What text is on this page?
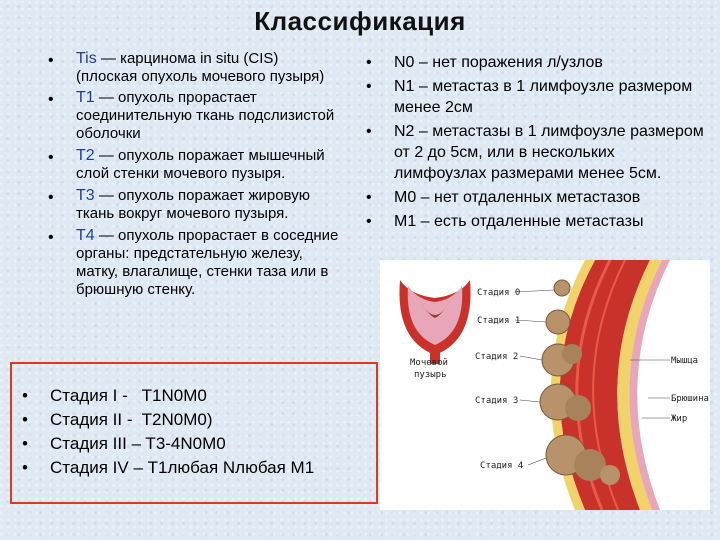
Классификация
• Tis — карцинома in situ (CIS)
(плоская опухоль мочевого пузыря)
• T1 — опухоль прорастает соединительную ткань подслизистой оболочки
• T2 — опухоль поражает мышечный слой стенки мочевого пузыря.
• T3 — опухоль поражает жировую ткань вокруг мочевого пузыря.
• T4 — опухоль прорастает в соседние органы: предстательную железу, матку, влагалище, стенки таза или в брюшную стенку.
• N0 – нет поражения л/узлов
• N1 – метастаз в 1 лимфоузле размером менее 2см
• N2 – метастазы в 1 лимфоузле размером от 2 до 5см, или в нескольких лимфоузлах размерами менее 5см.
• M0 – нет отдаленных метастазов
• M1 – есть отдаленные метастазы
• Стадия I -   T1N0M0
• Стадия II -  T2N0M0)
• Стадия III – T3-4N0M0
• Стадия IV – Т1любая Nлюбая М1
Мочевой
пузырь
Стадия 0
Стадия 1
Стадия 2
Стадия 3
Стадия 4
Мышца
Брюшина
Жир
